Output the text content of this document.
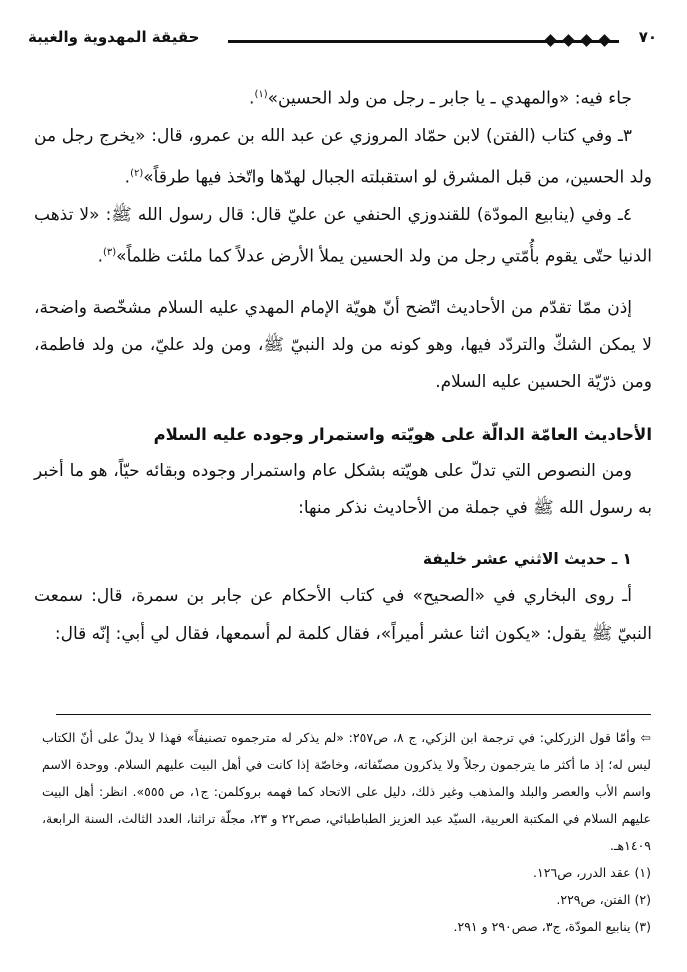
٧٠
حقيقة المهدوية والغيبة

جاء فيه: «والمهدي ـ يا جابر ـ رجل من ولد الحسين»$^{(١)}$.

٣ـ وفي كتاب (الفتن) لابن حمّاد المروزي عن عبد الله بن عمرو، قال: «يخرج رجل من ولد الحسين، من قبل المشرق لو استقبلته الجبال لهدّها واتّخذ فيها طرقاً»$^{(٢)}$.

٤ـ وفي (ينابيع المودّة) للقندوزي الحنفي عن عليّ قال: قال رسول الله ﷺ: «لا تذهب الدنيا حتّى يقوم بأُمّتي رجل من ولد الحسين يملأ الأرض عدلاً كما ملئت ظلماً»$^{(٣)}$.

إذن ممّا تقدّم من الأحاديث اتّضح أنّ هويّة الإمام المهدي عليه السلام مشخّصة واضحة، لا يمكن الشكّ والتردّد فيها، وهو كونه من ولد النبيّ ﷺ، ومن ولد عليّ، من ولد فاطمة، ومن ذرّيّة الحسين عليه السلام.

الأحاديث العامّة الدالّة على هويّته واستمرار وجوده عليه السلام

ومن النصوص التي تدلّ على هويّته بشكل عام واستمرار وجوده وبقائه حيّاً، هو ما أخبر به رسول الله ﷺ في جملة من الأحاديث نذكر منها:

١ ـ حديث الاثني عشر خليفة

أـ روى البخاري في «الصحيح» في كتاب الأحكام عن جابر بن سمرة، قال: سمعت النبيّ ﷺ يقول: «يكون اثنا عشر أميراً»، فقال كلمة لم أسمعها، فقال لي أبي: إنّه قال:

⇦ وأمّا قول الزركلي: في ترجمة ابن الزكي، ج ٨، ص٢٥٧: «لم يذكر له مترجموه تصنيفاً» فهذا لا يدلّ على أنّ الكتاب ليس له؛ إذ ما أكثر ما يترجمون رجلاً ولا يذكرون مصنّفاته، وخاصّة إذا كانت في أهل البيت عليهم السلام. ووحدة الاسم واسم الأب والعصر والبلد والمذهب وغير ذلك، دليل على الاتحاد كما فهمه بروكلمن: ج١، ص ٥٥٥». انظر: أهل البيت عليهم السلام في المكتبة العربية، السيّد عبد العزيز الطباطبائي، صص٢٢ و ٢٣، مجلّة تراثنا، العدد الثالث، السنة الرابعة، ١٤٠٩هـ.

(١) عقد الدرر، ص١٢٦.

(٢) الفتن، ص٢٢٩.

(٣) ينابيع المودّة، ج٣، صص٢٩٠ و ٢٩١.
